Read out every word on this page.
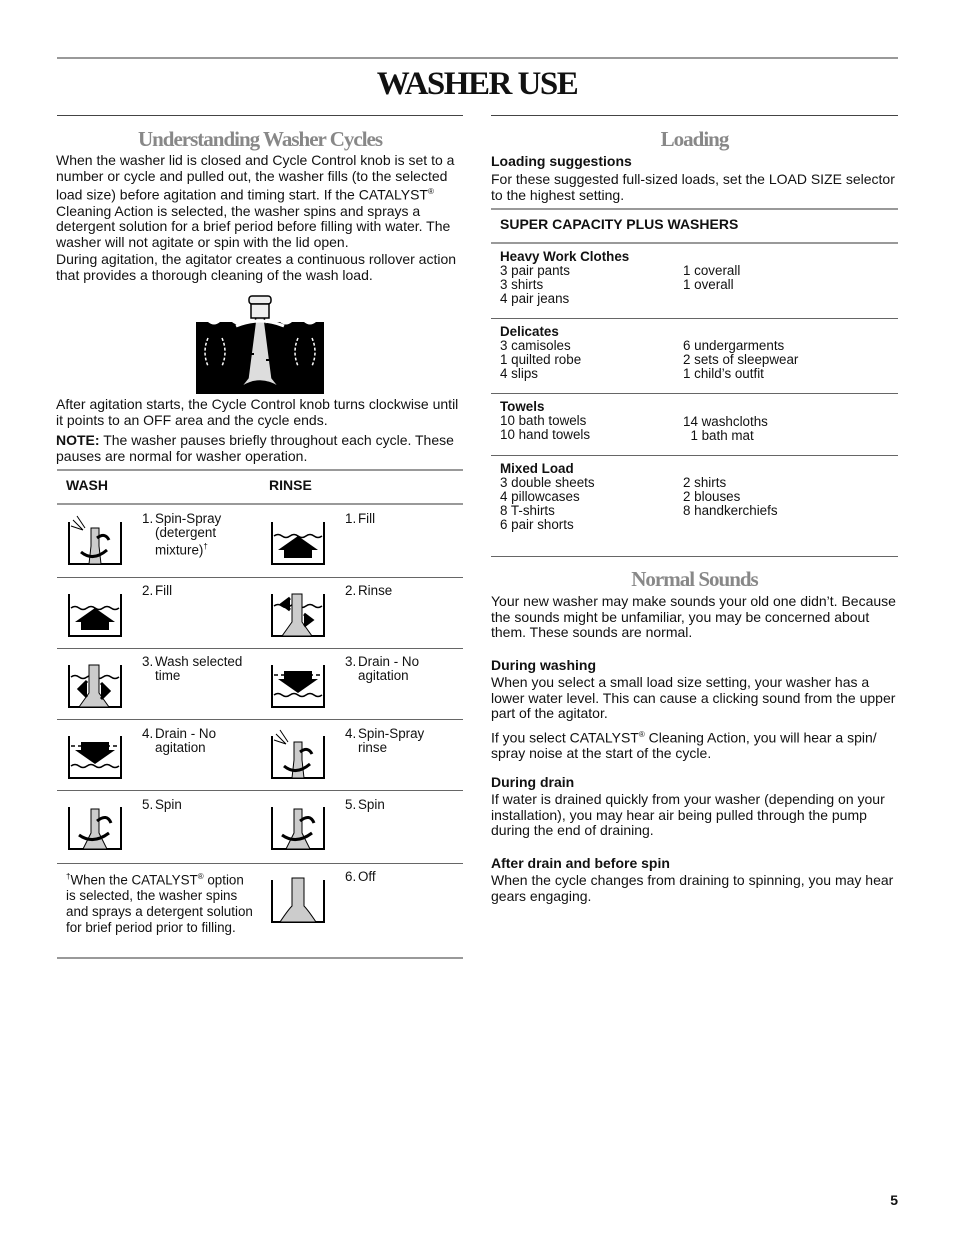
WASHER USE
Understanding Washer Cycles

When the washer lid is closed and Cycle Control knob is set to a number or cycle and pulled out, the washer fills (to the selected load size) before agitation and timing start. If the CATALYST® Cleaning Action is selected, the washer spins and sprays a detergent solution for a brief period before filling with water. The washer will not agitate or spin with the lid open.

During agitation, the agitator creates a continuous rollover action that provides a thorough cleaning of the wash load.

After agitation starts, the Cycle Control knob turns clockwise until it points to an OFF area and the cycle ends.

NOTE: The washer pauses briefly throughout each cycle. These pauses are normal for washer operation.

WASH	RINSE
1. Spin-Spray (detergent mixture)†
2. Fill
3. Wash selected time
4. Drain - No agitation
5. Spin
1. Fill
2. Rinse
3. Drain - No agitation
4. Spin-Spray rinse
5. Spin
6. Off
†When the CATALYST® option is selected, the washer spins and sprays a detergent solution for brief period prior to filling.
Loading
Loading suggestions

For these suggested full-sized loads, set the LOAD SIZE selector to the highest setting.

SUPER CAPACITY PLUS WASHERS
Heavy Work Clothes
3 pair pants
3 shirts
4 pair jeans
1 coverall
1 overall
Delicates
3 camisoles
1 quilted robe
4 slips
6 undergarments
2 sets of sleepwear
1 child’s outfit
Towels
10 bath towels
10 hand towels
14 washcloths
1 bath mat
Mixed Load
3 double sheets
4 pillowcases
8 T-shirts
6 pair shorts
2 shirts
2 blouses
8 handkerchiefs
Normal Sounds

Your new washer may make sounds your old one didn’t. Because the sounds might be unfamiliar, you may be concerned about them. These sounds are normal.

During washing

When you select a small load size setting, your washer has a lower water level. This can cause a clicking sound from the upper part of the agitator.

If you select CATALYST® Cleaning Action, you will hear a spin/ spray noise at the start of the cycle.

During drain

If water is drained quickly from your washer (depending on your installation), you may hear air being pulled through the pump during the end of draining.

After drain and before spin

When the cycle changes from draining to spinning, you may hear gears engaging.

5
